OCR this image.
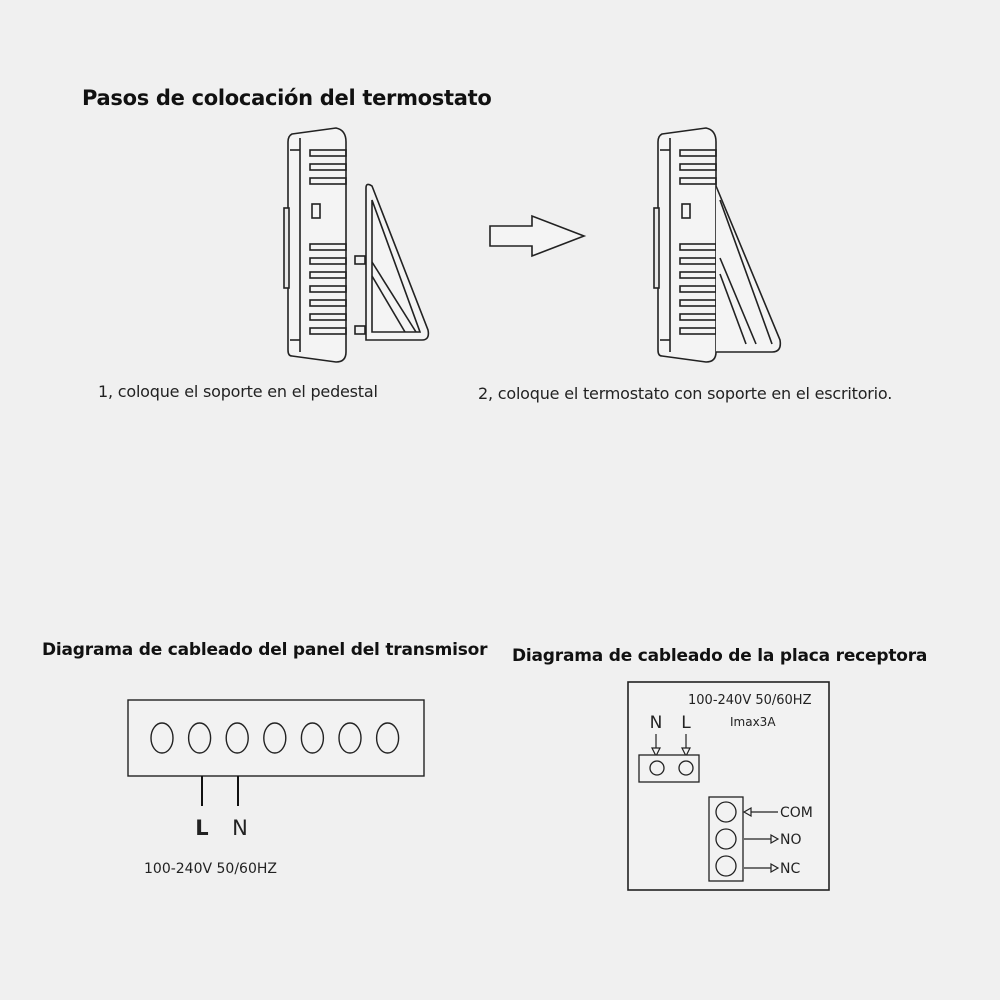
Pasos de colocación del termostato
1, coloque el soporte en el pedestal	2, coloque el termostato con soporte en el escritorio.
Diagrama de cableado del panel del transmisor Diagrama de cableado de la placa receptora
L N
100-240V 50/60HZ
100-240V 50/60HZ
Imax3A
N L
COM
NO
NC
